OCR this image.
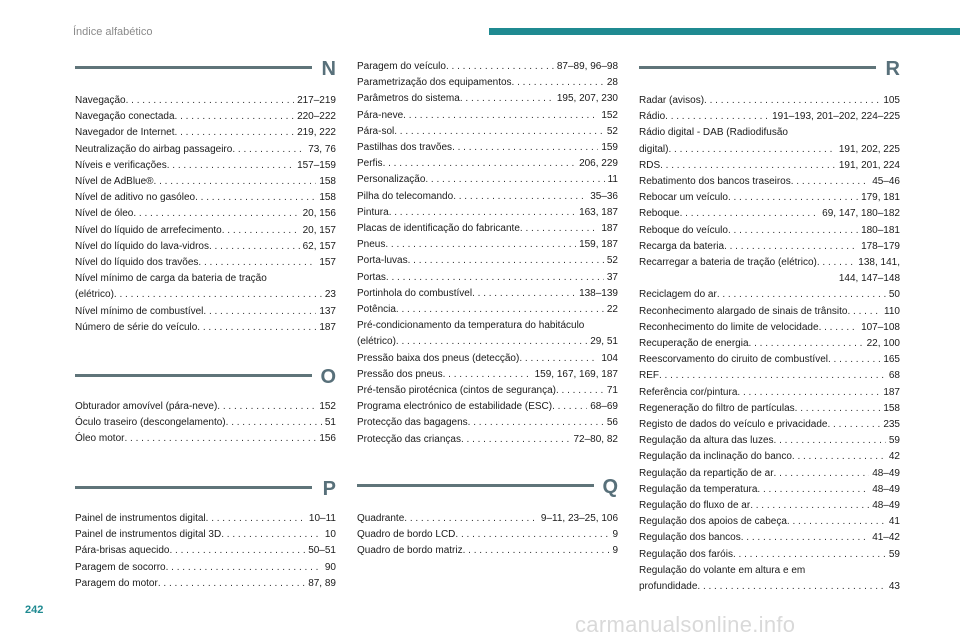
Índice alfabético
N
Navegação . . .	217–219
Navegação conectada . . .	220–222
Navegador de Internet . . .	219, 222
Neutralização do airbag passageiro . . .	73, 76
Níveis e verificações . . .	157–159
Nível de AdBlue® . . .	158
Nível de aditivo no gasóleo . . .	158
Nível de óleo . . .	20, 156
Nível do líquido de arrefecimento . . .	20, 157
Nível do líquido do lava-vidros . . .	62, 157
Nível do líquido dos travões . . .	157
Nível mínimo de carga da bateria de tração
(elétrico) . . .	23
Nível mínimo de combustível . . .	137
Número de série do veículo . . .	187
O
Obturador amovível (pára-neve) . . .	152
Óculo traseiro (descongelamento) . . .	51
Óleo motor . . .	156
P
Painel de instrumentos digital . . .	10–11
Painel de instrumentos digital 3D . . .	10
Pára-brisas aquecido . . .	50–51
Paragem de socorro . . .	90
Paragem do motor . . .	87, 89
Paragem do veículo . . .	87–89, 96–98
Parametrização dos equipamentos . . .	28
Parâmetros do sistema . . .	195, 207, 230
Pára-neve . . .	152
Pára-sol . . .	52
Pastilhas dos travões . . .	159
Perfis . . .	206, 229
Personalização . . .	11
Pilha do telecomando . . .	35–36
Pintura . . .	163, 187
Placas de identificação do fabricante . . .	187
Pneus . . .	159, 187
Porta-luvas . . .	52
Portas . . .	37
Portinhola do combustível . . .	138–139
Potência . . .	22
Pré-condicionamento da temperatura do habitáculo
(elétrico) . . .	29, 51
Pressão baixa dos pneus (detecção) . . .	104
Pressão dos pneus . . .	159, 167, 169, 187
Pré-tensão pirotécnica (cintos de segurança) . . .	71
Programa electrónico de estabilidade (ESC) . . .	68–69
Protecção das bagagens . . .	56
Protecção das crianças . . .	72–80, 82
Q
Quadrante . . .	9–11, 23–25, 106
Quadro de bordo LCD . . .	9
Quadro de bordo matriz . . .	9
R
Radar (avisos) . . .	105
Rádio . . .	191–193, 201–202, 224–225
Rádio digital - DAB (Radiodifusão
digital) . . .	191, 202, 225
RDS . . .	191, 201, 224
Rebatimento dos bancos traseiros . . .	45–46
Rebocar um veículo . . .	179, 181
Reboque . . .	69, 147, 180–182
Reboque do veículo . . .	180–181
Recarga da bateria . . .	178–179
Recarregar a bateria de tração (elétrico) . . .	138, 141,
144, 147–148
Reciclagem do ar . . .	50
Reconhecimento alargado de sinais de trânsito . . .	110
Reconhecimento do limite de velocidade . . .	107–108
Recuperação de energia . . .	22, 100
Reescorvamento do ciruito de combustível . . .	165
REF . . .	68
Referência cor/pintura . . .	187
Regeneração do filtro de partículas . . .	158
Registo de dados do veículo e privacidade . . .	235
Regulação da altura das luzes . . .	59
Regulação da inclinação do banco . . .	42
Regulação da repartição de ar . . .	48–49
Regulação da temperatura . . .	48–49
Regulação do fluxo de ar . . .	48–49
Regulação dos apoios de cabeça . . .	41
Regulação dos bancos . . .	41–42
Regulação dos faróis . . .	59
Regulação do volante em altura e em
profundidade . . .	43
242
carmanualsonline.info
